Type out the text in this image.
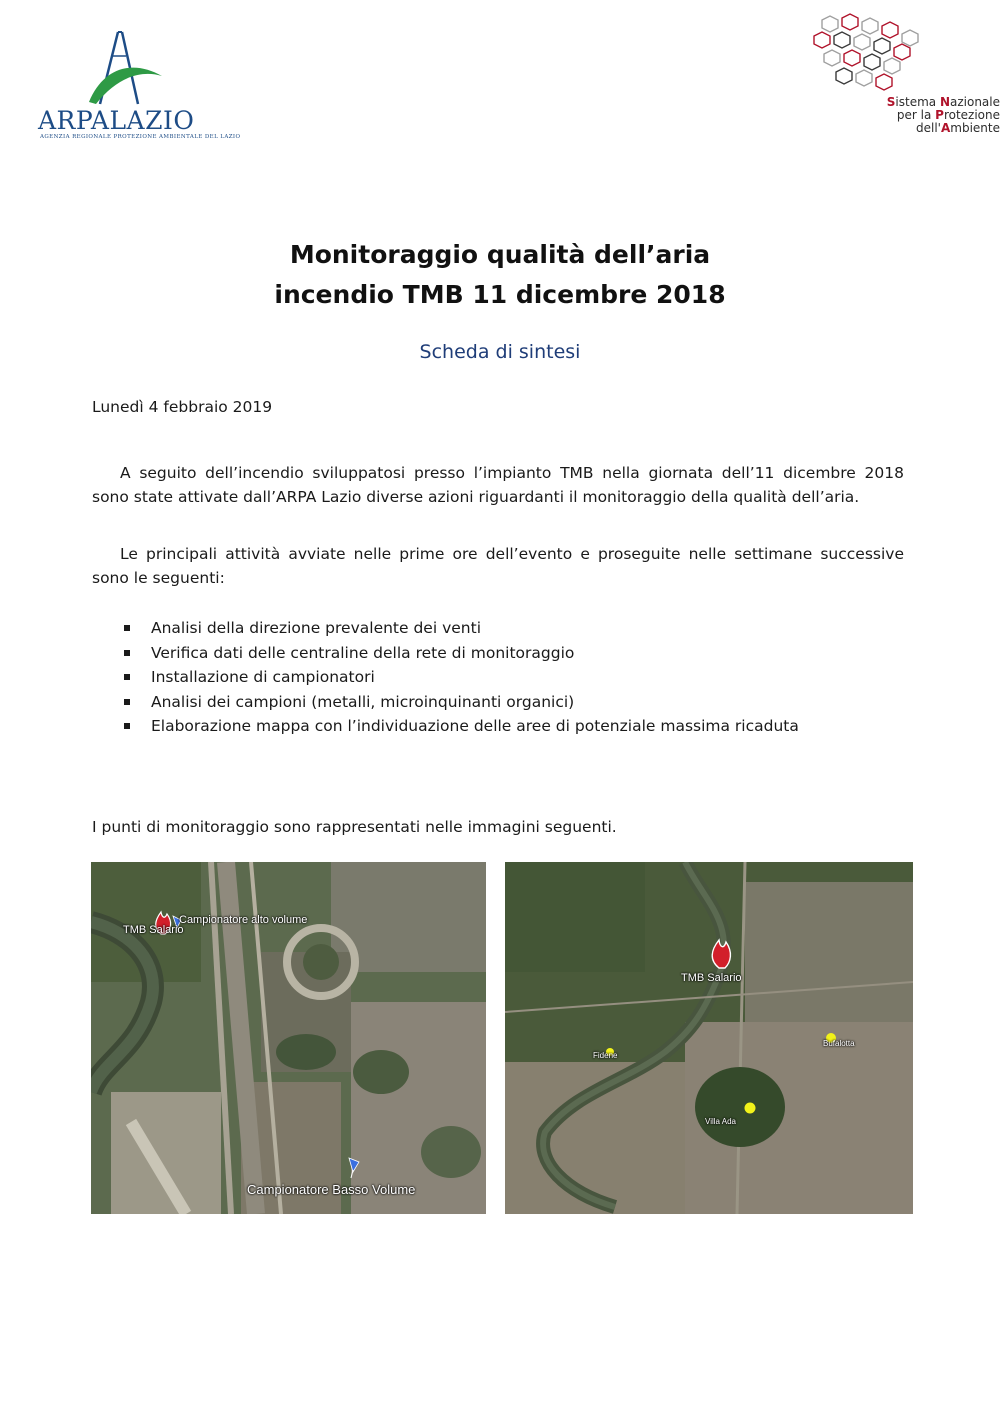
ARPALAZIO
AGENZIA REGIONALE PROTEZIONE AMBIENTALE DEL LAZIO
Sistema Nazionale
per la Protezione
dell'Ambiente
Monitoraggio qualità dell’aria
incendio TMB 11 dicembre 2018
Scheda di sintesi
Lunedì 4 febbraio 2019
A seguito dell’incendio sviluppatosi presso l’impianto TMB nella giornata dell’11 dicembre 2018 sono state attivate dall’ARPA Lazio diverse azioni riguardanti il monitoraggio della qualità dell’aria.
Le principali attività avviate nelle prime ore dell’evento e proseguite nelle settimane successive sono le seguenti:
Analisi della direzione prevalente dei venti
Verifica dati delle centraline della rete di monitoraggio
Installazione di campionatori
Analisi dei campioni (metalli, microinquinanti organici)
Elaborazione mappa con l’individuazione delle aree di potenziale massima ricaduta
I punti di monitoraggio sono rappresentati nelle immagini seguenti.
TMB Salario
Campionatore alto volume
Campionatore Basso Volume
TMB Salario
Fidene
Bufalotta
Villa Ada
